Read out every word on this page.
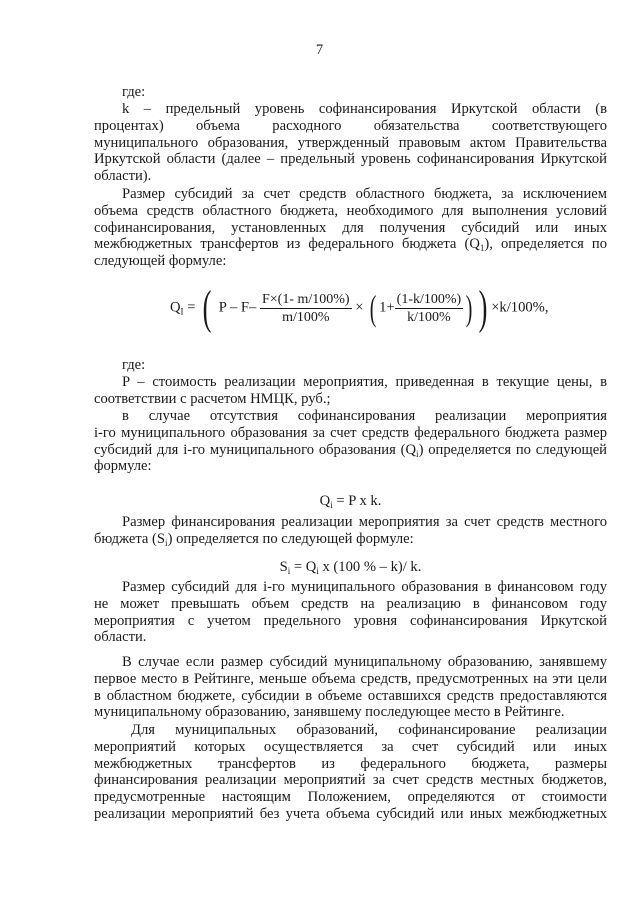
7
где:
k – предельный уровень софинансирования Иркутской области (в
процентах) объема расходного обязательства соответствующего
муниципального образования, утвержденный правовым актом Правительства
Иркутской области (далее – предельный уровень софинансирования Иркутской
области).
Размер субсидий за счет средств областного бюджета, за исключением
объема средств областного бюджета, необходимого для выполнения условий
софинансирования, установленных для получения субсидий или иных
межбюджетных трансфертов из федерального бюджета $(Q_1)$, определяется по
следующей формуле:
$Q_I$ = ( P – $F- \frac{F\times(1- m/100\%)}{m/100\%}$ × ( $1+ \frac{(1-k/100\%)}{k/100\%}$ ) ) ×k/100%,
где:
P – стоимость реализации мероприятия, приведенная в текущие цены, в
соответствии с расчетом НМЦК, руб.;
в случае отсутствия софинансирования реализации мероприятия
i-го муниципального образования за счет средств федерального бюджета размер
субсидий для i-го муниципального образования $(Q_i)$ определяется по следующей
формуле:
$Q_i = P$ x k.
Размер финансирования реализации мероприятия за счет средств местного
бюджета $(S_i)$ определяется по следующей формуле:
$S_i = Q_i$ x (100 % – k)/ k.
Размер субсидий для i-го муниципального образования в финансовом году
не может превышать объем средств на реализацию в финансовом году
мероприятия с учетом предельного уровня софинансирования Иркутской
области.
В случае если размер субсидий муниципальному образованию, занявшему
первое место в Рейтинге, меньше объема средств, предусмотренных на эти цели
в областном бюджете, субсидии в объеме оставшихся средств предоставляются
муниципальному образованию, занявшему последующее место в Рейтинге.
Для муниципальных образований, софинансирование реализации
мероприятий которых осуществляется за счет субсидий или иных
межбюджетных трансфертов из федерального бюджета, размеры
финансирования реализации мероприятий за счет средств местных бюджетов,
предусмотренные настоящим Положением, определяются от стоимости
реализации мероприятий без учета объема субсидий или иных межбюджетных
